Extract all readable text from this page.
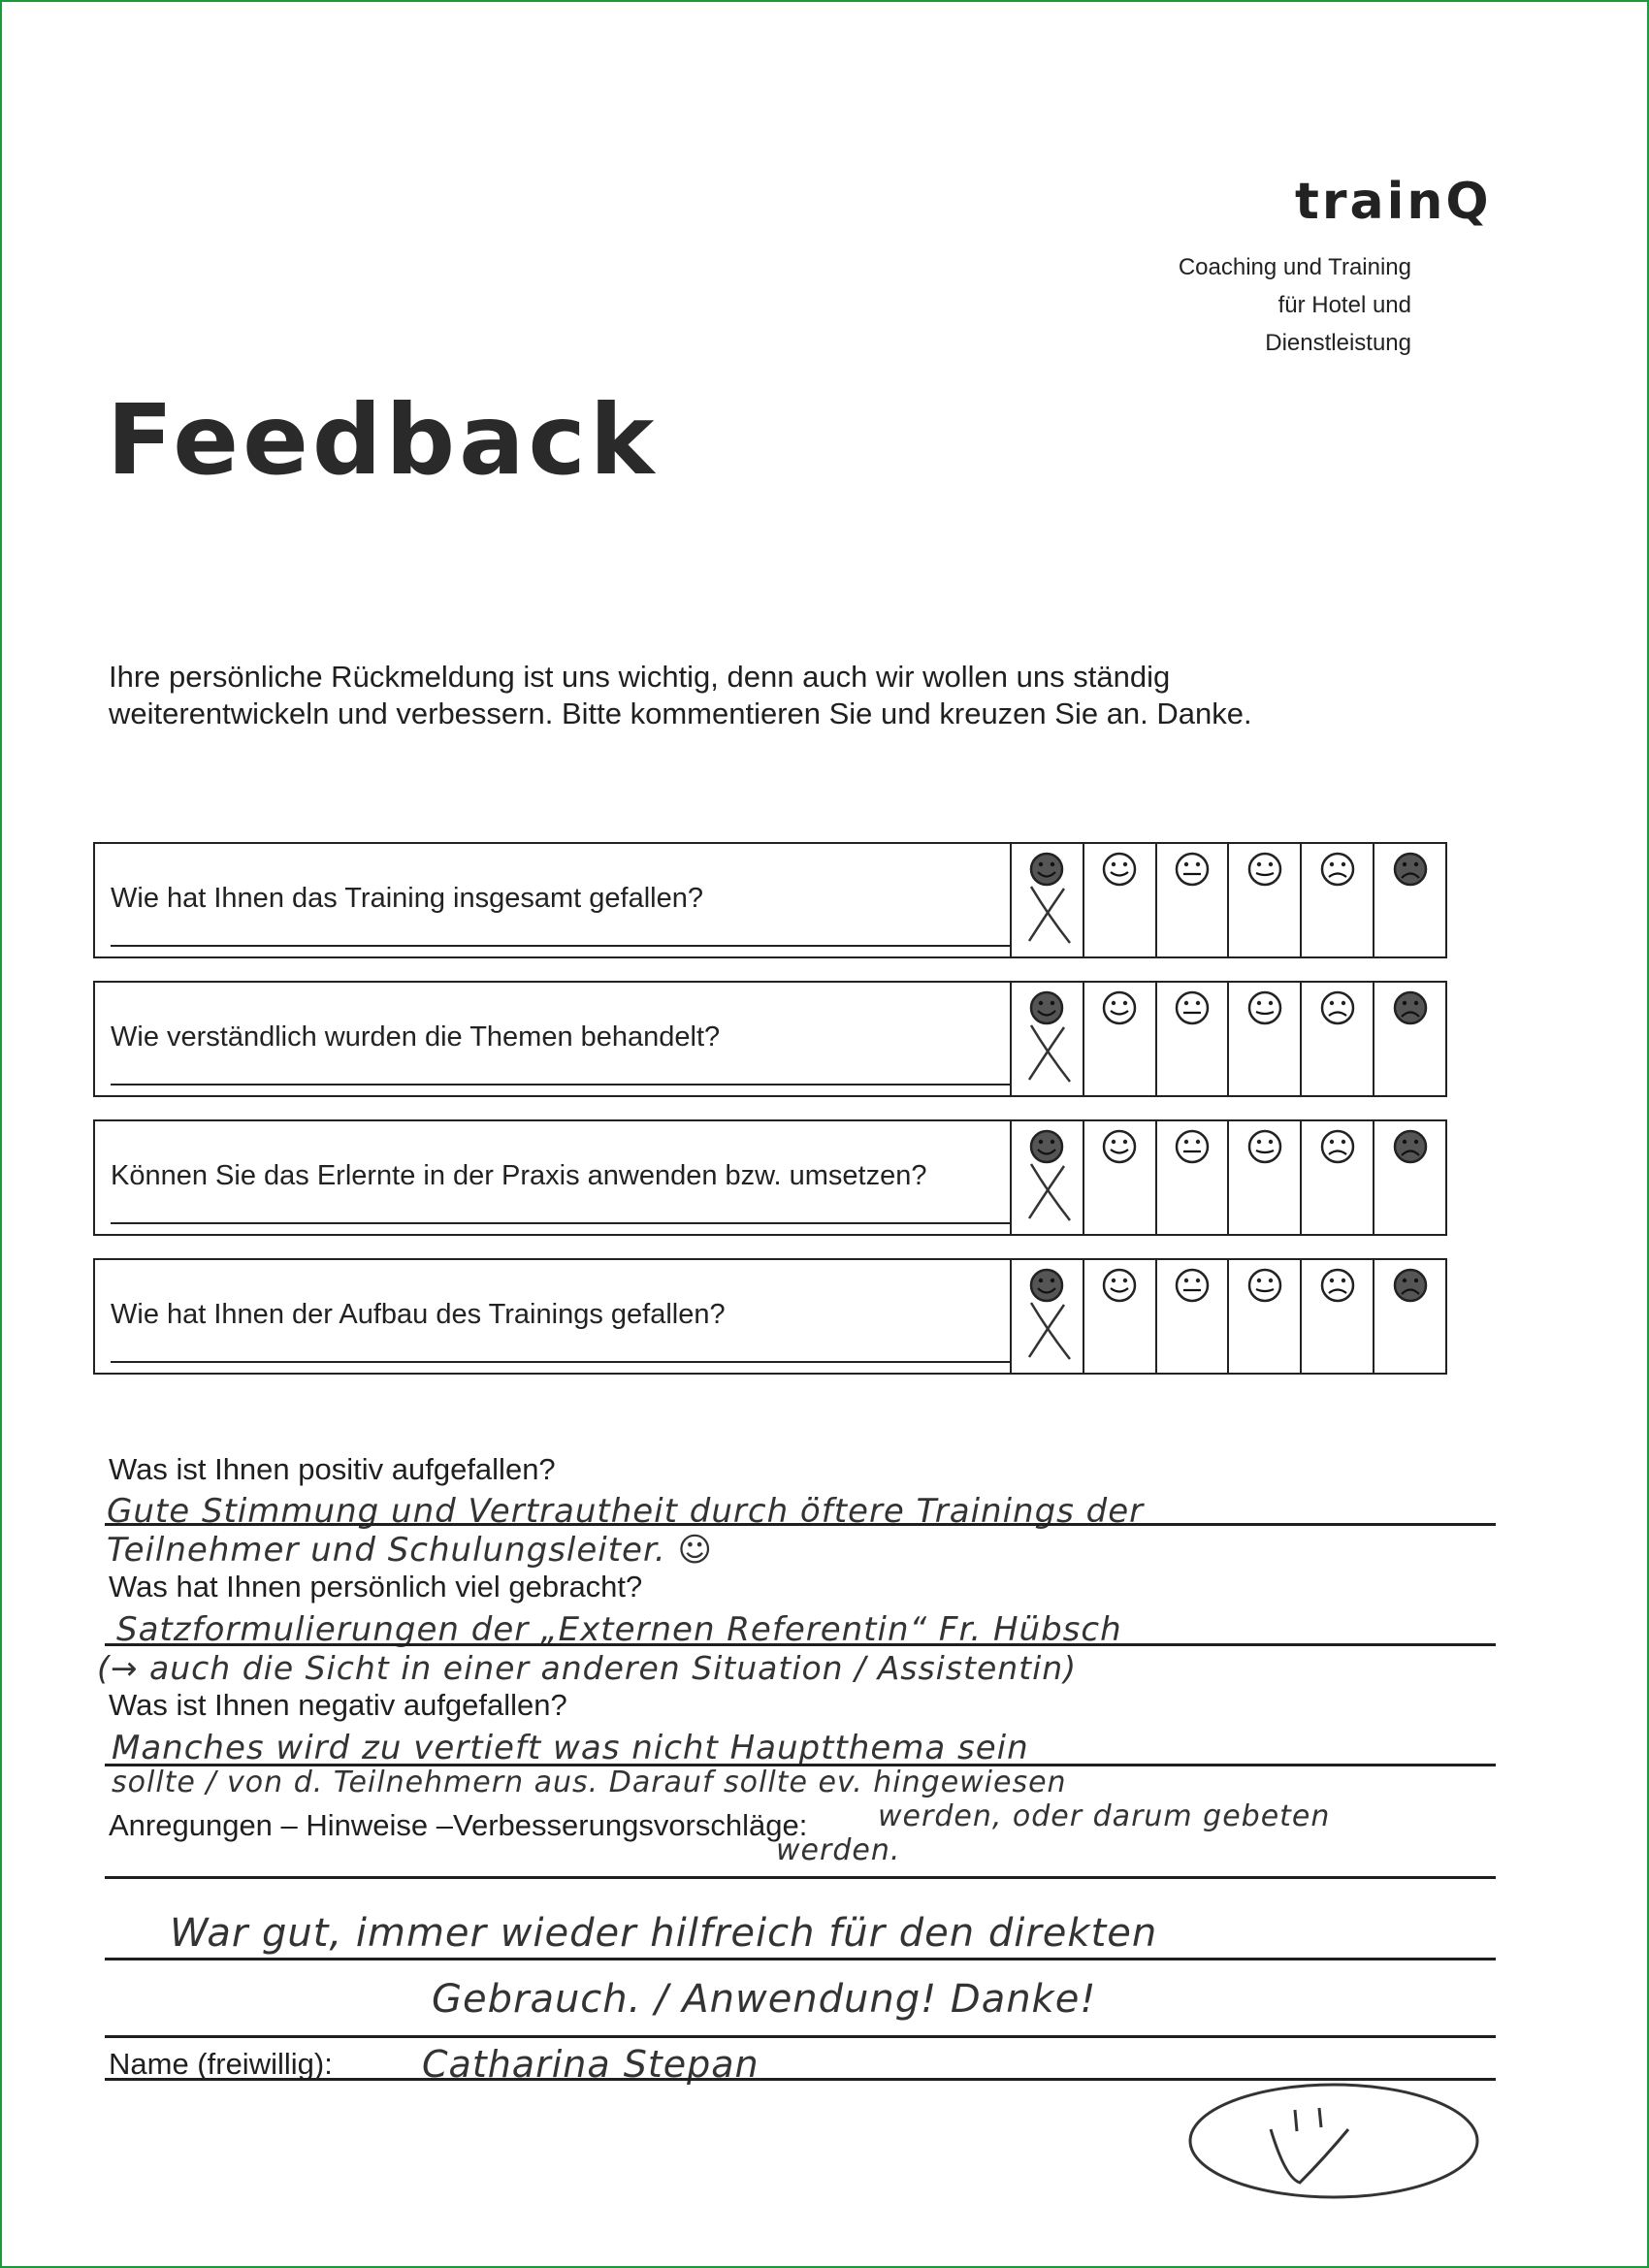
trainQ
Coaching und Training
für Hotel und
Dienstleistung
Feedback
Ihre persönliche Rückmeldung ist uns wichtig, denn auch wir wollen uns ständig
weiterentwickeln und verbessern. Bitte kommentieren Sie und kreuzen Sie an. Danke.
Wie hat Ihnen das Training insgesamt gefallen?
Wie verständlich wurden die Themen behandelt?
Können Sie das Erlernte in der Praxis anwenden bzw. umsetzen?
Wie hat Ihnen der Aufbau des Trainings gefallen?
Was ist Ihnen positiv aufgefallen?
Gute Stimmung und Vertrautheit durch öftere Trainings der
Teilnehmer und Schulungsleiter. ☺
Was hat Ihnen persönlich viel gebracht?
Satzformulierungen der „Externen Referentin“ Fr. Hübsch
(→ auch die Sicht in einer anderen Situation / Assistentin)
Was ist Ihnen negativ aufgefallen?
Manches wird zu vertieft was nicht Hauptthema sein
sollte / von d. Teilnehmern aus. Darauf sollte ev. hingewiesen
Anregungen – Hinweise –Verbesserungsvorschläge: werden, oder darum gebeten
werden.
War gut, immer wieder hilfreich für den direkten
Gebrauch. / Anwendung! Danke!
Name (freiwillig): Catharina Stepan
